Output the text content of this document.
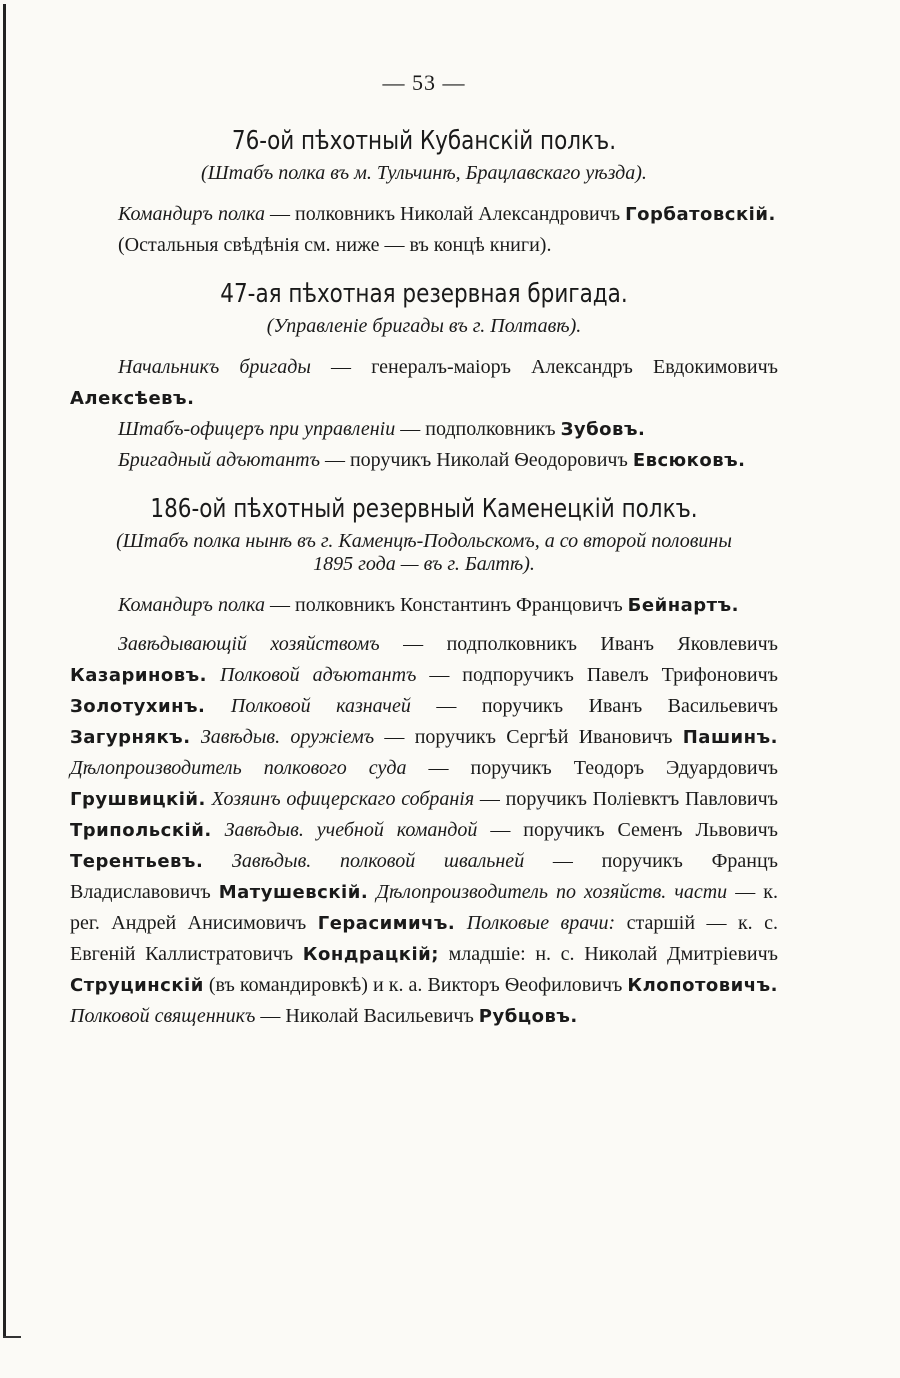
— 53 —
76-ой пѣхотный Кубанскій полкъ.
(Штабъ полка въ м. Тульчинѣ, Брацлавскаго уѣзда).

Командиръ полка — полковникъ Николай Александровичъ Горбатовскій.

(Остальныя свѣдѣнія см. ниже — въ концѣ книги).

47-ая пѣхотная резервная бригада.
(Управленіе бригады въ г. Полтавѣ).

Начальникъ бригады — генералъ-маіоръ Александръ Евдокимовичъ Алексѣевъ.

Штабъ-офицеръ при управленіи — подполковникъ Зубовъ.

Бригадный адъютантъ — поручикъ Николай Ѳеодоровичъ Евсюковъ.

186-ой пѣхотный резервный Каменецкій полкъ.
(Штабъ полка нынѣ въ г. Каменцѣ-Подольскомъ, а со второй половины
1895 года — въ г. Балтѣ).

Командиръ полка — полковникъ Константинъ Францовичъ Бейнартъ.

Завѣдывающій хозяйствомъ — подполковникъ Иванъ Яковлевичъ Казариновъ. Полковой адъютантъ — подпоручикъ Павелъ Трифоновичъ Золотухинъ. Полковой казначей — поручикъ Иванъ Васильевичъ Загурнякъ. Завѣдыв. оружіемъ — поручикъ Сергѣй Ивановичъ Пашинъ. Дѣлопроизводитель полкового суда — поручикъ Теодоръ Эдуардовичъ Грушвицкій. Хозяинъ офицерскаго собранія — поручикъ Поліевктъ Павловичъ Трипольскій. Завѣдыв. учебной командой — поручикъ Семенъ Львовичъ Терентьевъ. Завѣдыв. полковой швальней — поручикъ Францъ Владиславовичъ Матушевскій. Дѣлопроизводитель по хозяйств. части — к. рег. Андрей Анисимовичъ Герасимичъ. Полковые врачи: старшій — к. с. Евгеній Каллистратовичъ Кондрацкій; младшіе: н. с. Николай Дмитріевичъ Струцинскій (въ командировкѣ) и к. а. Викторъ Ѳеофиловичъ Клопотовичъ. Полковой священникъ — Николай Васильевичъ Рубцовъ.
